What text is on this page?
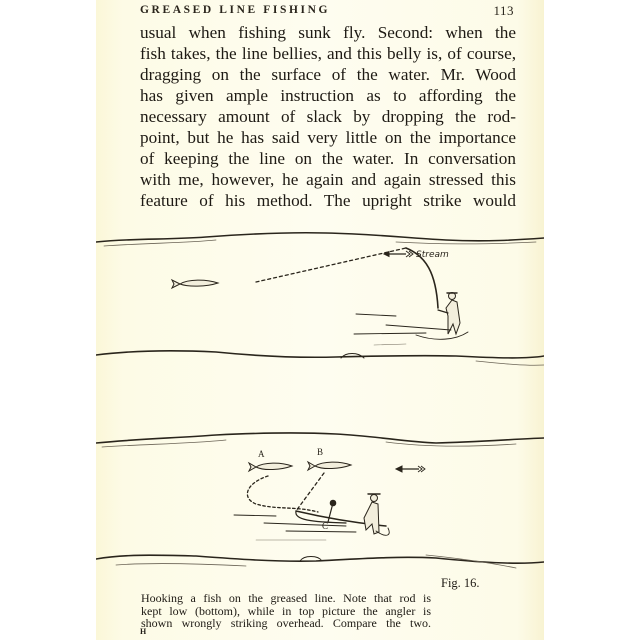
GREASED LINE FISHING	113
usual when fishing sunk fly. Second: when the
fish takes, the line bellies, and this belly is, of course,
dragging on the surface of the water. Mr. Wood
has given ample instruction as to affording the
necessary amount of slack by dropping the rod-
point, but he has said very little on the importance
of keeping the line on the water. In conversation
with me, however, he again and again stressed this
feature of his method. The upright strike would
Stream
A	B
C
Fig. 16.
Hooking a fish on the greased line. Note that rod is
kept low (bottom), while in top picture the angler is
shown wrongly striking overhead. Compare the two.
H
